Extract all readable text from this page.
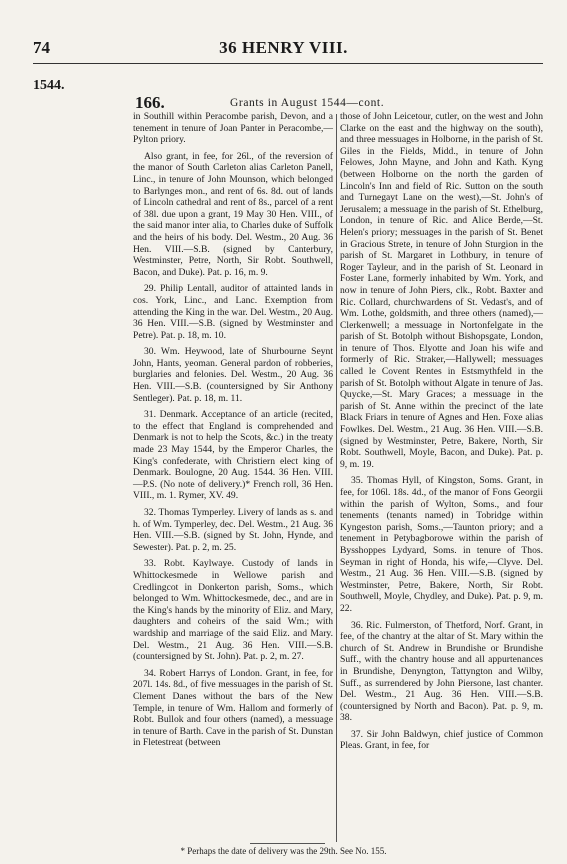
74	36 HENRY VIII.
1544.
166.	Grants in August 1544—cont.

in Southill within Peracombe parish, Devon, and a tenement in tenure of Joan Panter in Peracombe,—Pylton priory.

Also grant, in fee, for 26l., of the reversion of the manor of South Carleton alias Carleton Panell, Linc., in tenure of John Mounson, which belonged to Barlynges mon., and rent of 6s. 8d. out of lands of Lincoln cathedral and rent of 8s., parcel of a rent of 38l. due upon a grant, 19 May 30 Hen. VIII., of the said manor inter alia, to Charles duke of Suffolk and the heirs of his body. Del. Westm., 20 Aug. 36 Hen. VIII.—S.B. (signed by Canterbury, Westminster, Petre, North, Sir Robt. Southwell, Bacon, and Duke). Pat. p. 16, m. 9.

29. Philip Lentall, auditor of attainted lands in cos. York, Linc., and Lanc. Exemption from attending the King in the war. Del. Westm., 20 Aug. 36 Hen. VIII.—S.B. (signed by Westminster and Petre). Pat. p. 18, m. 10.

30. Wm. Heywood, late of Shurbourne Seynt John, Hants, yeoman. General pardon of robberies, burglaries and felonies. Del. Westm., 20 Aug. 36 Hen. VIII.—S.B. (countersigned by Sir Anthony Sentleger). Pat. p. 18, m. 11.

31. Denmark. Acceptance of an article (recited, to the effect that England is comprehended and Denmark is not to help the Scots, &c.) in the treaty made 23 May 1544, by the Emperor Charles, the King's confederate, with Christiern elect king of Denmark. Boulogne, 20 Aug. 1544. 36 Hen. VIII.—P.S. (No note of delivery.)* French roll, 36 Hen. VIII., m. 1. Rymer, XV. 49.

32. Thomas Tymperley. Livery of lands as s. and h. of Wm. Tymperley, dec. Del. Westm., 21 Aug. 36 Hen. VIII.—S.B. (signed by St. John, Hynde, and Sewester). Pat. p. 2, m. 25.

33. Robt. Kaylwaye. Custody of lands in Whittockesmede in Wellowe parish and Credlingcot in Donkerton parish, Soms., which belonged to Wm. Whittockesmede, dec., and are in the King's hands by the minority of Eliz. and Mary, daughters and coheirs of the said Wm.; with wardship and marriage of the said Eliz. and Mary. Del. Westm., 21 Aug. 36 Hen. VIII.—S.B. (countersigned by St. John). Pat. p. 2, m. 27.

34. Robert Harrys of London. Grant, in fee, for 207l. 14s. 8d., of five messuages in the parish of St. Clement Danes without the bars of the New Temple, in tenure of Wm. Hallom and formerly of Robt. Bullok and four others (named), a messuage in tenure of Barth. Cave in the parish of St. Dunstan in Fletestreat (between

those of John Leicetour, cutler, on the west and John Clarke on the east and the highway on the south), and three messuages in Holborne, in the parish of St. Giles in the Fields, Midd., in tenure of John Felowes, John Mayne, and John and Kath. Kyng (between Holborne on the north the garden of Lincoln's Inn and field of Ric. Sutton on the south and Turnegayt Lane on the west),—St. John's of Jerusalem; a messuage in the parish of St. Ethelburg, London, in tenure of Ric. and Alice Berde,—St. Helen's priory; messuages in the parish of St. Benet in Gracious Strete, in tenure of John Sturgion in the parish of St. Margaret in Lothbury, in tenure of Roger Tayleur, and in the parish of St. Leonard in Foster Lane, formerly inhabited by Wm. York, and now in tenure of John Piers, clk., Robt. Baxter and Ric. Collard, churchwardens of St. Vedast's, and of Wm. Lothe, goldsmith, and three others (named),—Clerkenwell; a messuage in Nortonfelgate in the parish of St. Botolph without Bishopsgate, London, in tenure of Thos. Elyotte and Joan his wife and formerly of Ric. Straker,—Hallywell; messuages called le Covent Rentes in Estsmythfeld in the parish of St. Botolph without Algate in tenure of Jas. Quycke,—St. Mary Graces; a messuage in the parish of St. Anne within the precinct of the late Black Friars in tenure of Agnes and Hen. Foxe alias Fowlkes. Del. Westm., 21 Aug. 36 Hen. VIII.—S.B. (signed by Westminster, Petre, Bakere, North, Sir Robt. Southwell, Moyle, Bacon, and Duke). Pat. p. 9, m. 19.

35. Thomas Hyll, of Kingston, Soms. Grant, in fee, for 106l. 18s. 4d., of the manor of Fons Georgii within the parish of Wylton, Soms., and four tenements (tenants named) in Tobridge within Kyngeston parish, Soms.,—Taunton priory; and a tenement in Petybagborowe within the parish of Bysshoppes Lydyard, Soms. in tenure of Thos. Seyman in right of Honda, his wife,—Clyve. Del. Westm., 21 Aug. 36 Hen. VIII.—S.B. (signed by Westminster, Petre, Bakere, North, Sir Robt. Southwell, Moyle, Chydley, and Duke). Pat. p. 9, m. 22.

36. Ric. Fulmerston, of Thetford, Norf. Grant, in fee, of the chantry at the altar of St. Mary within the church of St. Andrew in Brundishe or Brundishe Suff., with the chantry house and all appurtenances in Brundishe, Denyngton, Tattyngton and Wilby, Suff., as surrendered by John Piersone, last chanter. Del. Westm., 21 Aug. 36 Hen. VIII.—S.B. (countersigned by North and Bacon). Pat. p. 9, m. 38.

37. Sir John Baldwyn, chief justice of Common Pleas. Grant, in fee, for

* Perhaps the date of delivery was the 29th. See No. 155.
